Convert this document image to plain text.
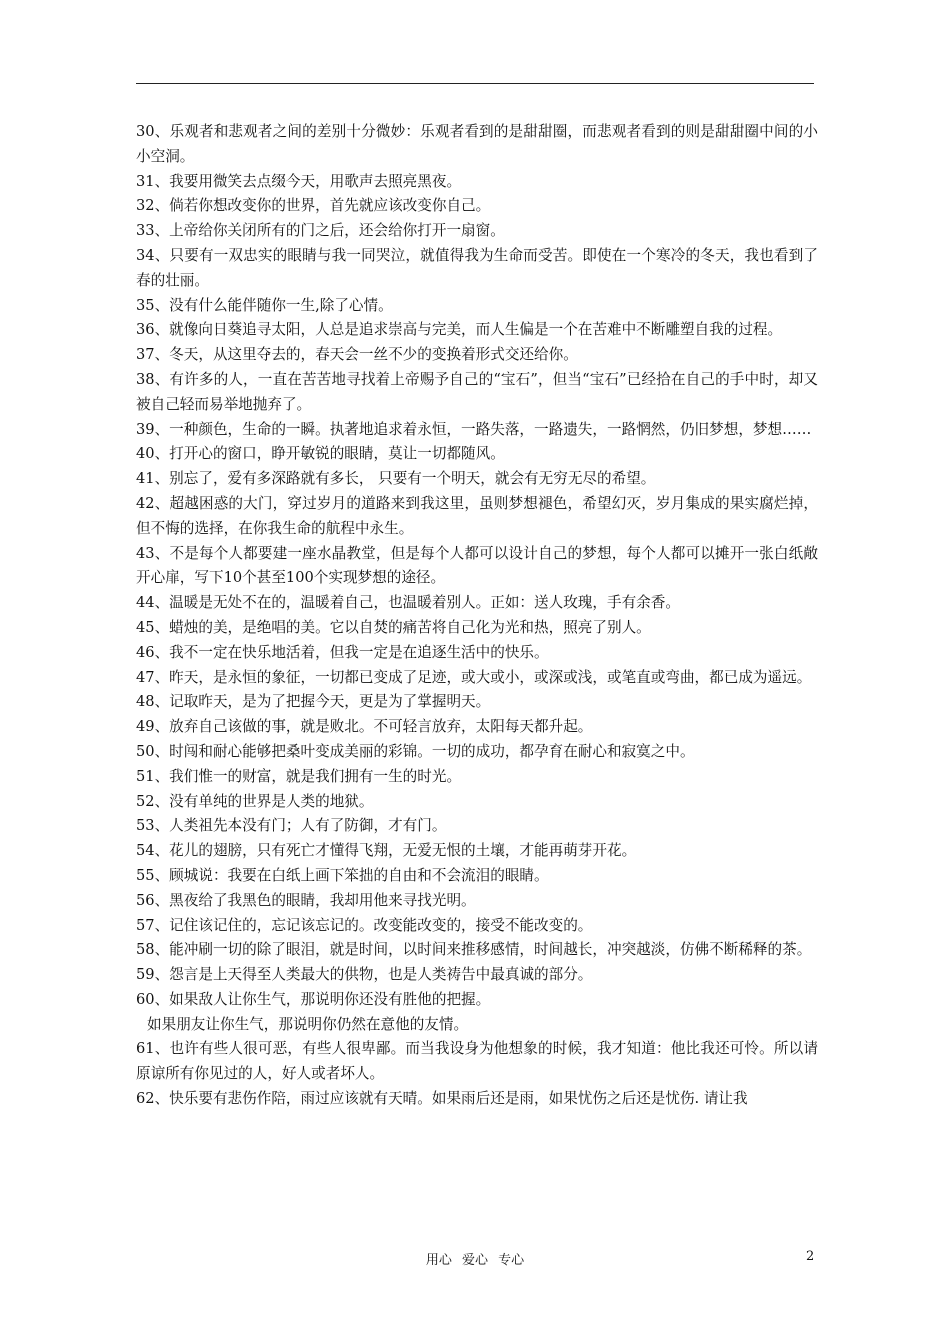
30、乐观者和悲观者之间的差别十分微妙：乐观者看到的是甜甜圈，而悲观者看到的则是甜甜圈中间的小小空洞。

31、我要用微笑去点缀今天，用歌声去照亮黑夜。

32、倘若你想改变你的世界，首先就应该改变你自己。

33、上帝给你关闭所有的门之后，还会给你打开一扇窗。

34、只要有一双忠实的眼睛与我一同哭泣，就值得我为生命而受苦。即使在一个寒冷的冬天，我也看到了春的壮丽。

35、没有什么能伴随你一生,除了心情。

36、就像向日葵追寻太阳，人总是追求崇高与完美，而人生偏是一个在苦难中不断雕塑自我的过程。

37、冬天，从这里夺去的，春天会一丝不少的变换着形式交还给你。

38、有许多的人，一直在苦苦地寻找着上帝赐予自己的“宝石”，但当“宝石”已经拾在自己的手中时，却又被自己轻而易举地抛弃了。

39、一种颜色，生命的一瞬。执著地追求着永恒，一路失落，一路遗失，一路惘然，仍旧梦想，梦想……

40、打开心的窗口，睁开敏锐的眼睛，莫让一切都随风。

41、别忘了，爱有多深路就有多长， 只要有一个明天，就会有无穷无尽的希望。

42、超越困惑的大门，穿过岁月的道路来到我这里，虽则梦想褪色，希望幻灭，岁月集成的果实腐烂掉，但不悔的选择，在你我生命的航程中永生。

43、不是每个人都要建一座水晶教堂，但是每个人都可以设计自己的梦想，每个人都可以摊开一张白纸敞开心扉，写下10个甚至100个实现梦想的途径。

44、温暖是无处不在的，温暖着自己，也温暖着别人。正如：送人玫瑰，手有余香。

45、蜡烛的美，是绝唱的美。它以自焚的痛苦将自己化为光和热，照亮了别人。

46、我不一定在快乐地活着，但我一定是在追逐生活中的快乐。

47、昨天，是永恒的象征，一切都已变成了足迹，或大或小，或深或浅，或笔直或弯曲，都已成为遥远。

48、记取昨天，是为了把握今天，更是为了掌握明天。

49、放弃自己该做的事，就是败北。不可轻言放弃，太阳每天都升起。

50、时闯和耐心能够把桑叶变成美丽的彩锦。一切的成功，都孕育在耐心和寂寞之中。

51、我们惟一的财富，就是我们拥有一生的时光。

52、没有单纯的世界是人类的地狱。

53、人类祖先本没有门；人有了防御，才有门。

54、花儿的翅膀，只有死亡才懂得飞翔，无爱无恨的土壤，才能再萌芽开花。

55、顾城说：我要在白纸上画下笨拙的自由和不会流泪的眼睛。

56、黑夜给了我黑色的眼睛，我却用他来寻找光明。

57、记住该记住的，忘记该忘记的。改变能改变的，接受不能改变的。

58、能冲刷一切的除了眼泪，就是时间，以时间来推移感情，时间越长，冲突越淡，仿佛不断稀释的茶。

59、怨言是上天得至人类最大的供物，也是人类祷告中最真诚的部分。

60、如果敌人让你生气，那说明你还没有胜他的把握。

如果朋友让你生气，那说明你仍然在意他的友情。

61、也许有些人很可恶，有些人很卑鄙。而当我设身为他想象的时候，我才知道：他比我还可怜。所以请原谅所有你见过的人，好人或者坏人。

62、快乐要有悲伤作陪，雨过应该就有天晴。如果雨后还是雨，如果忧伤之后还是忧伤. 请让我

用心 爱心 专心	2
